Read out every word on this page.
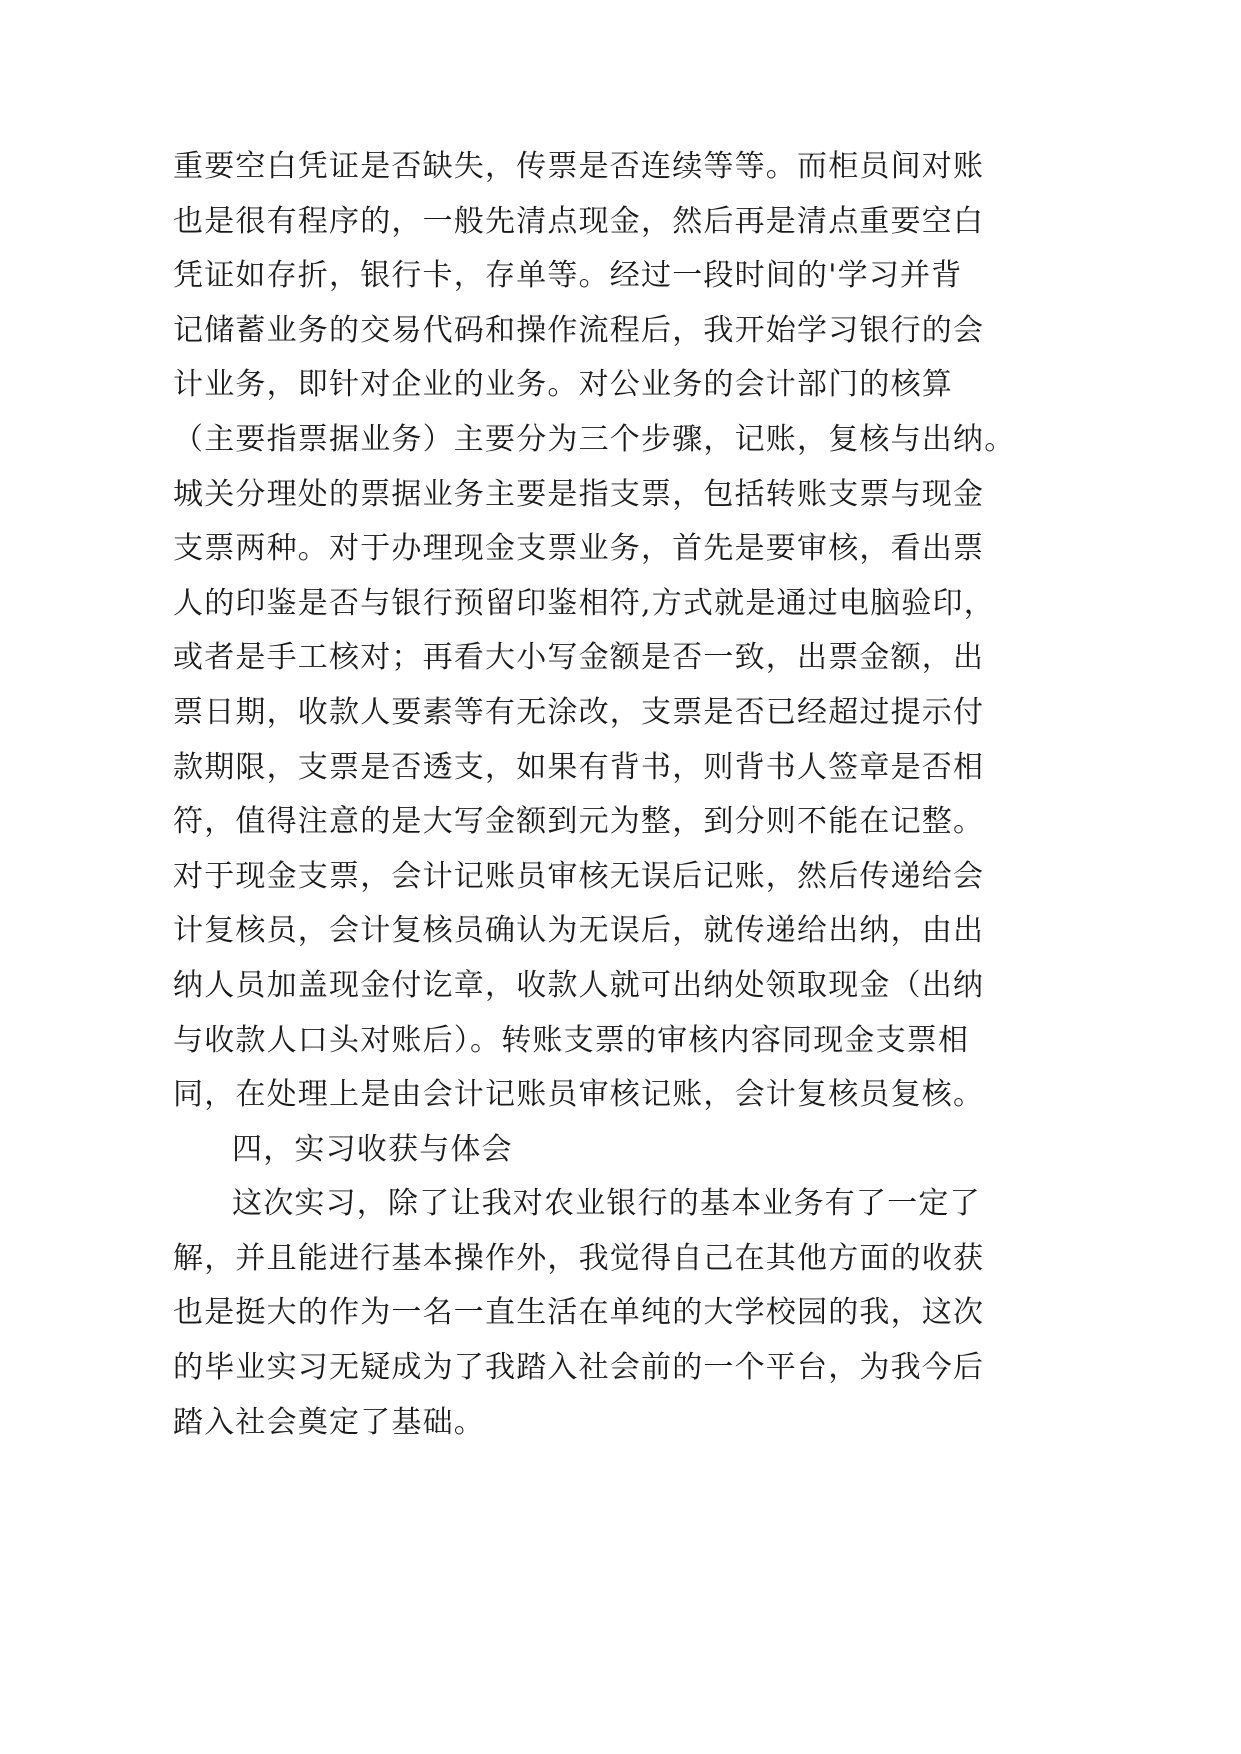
重要空白凭证是否缺失，传票是否连续等等。而柜员间对账
也是很有程序的，一般先清点现金，然后再是清点重要空白
凭证如存折，银行卡，存单等。经过一段时间的'学习并背
记储蓄业务的交易代码和操作流程后，我开始学习银行的会
计业务，即针对企业的业务。对公业务的会计部门的核算
（主要指票据业务）主要分为三个步骤，记账，复核与出纳。
城关分理处的票据业务主要是指支票，包括转账支票与现金
支票两种。对于办理现金支票业务，首先是要审核，看出票
人的印鉴是否与银行预留印鉴相符,方式就是通过电脑验印，
或者是手工核对；再看大小写金额是否一致，出票金额，出
票日期，收款人要素等有无涂改，支票是否已经超过提示付
款期限，支票是否透支，如果有背书，则背书人签章是否相
符，值得注意的是大写金额到元为整，到分则不能在记整。
对于现金支票，会计记账员审核无误后记账，然后传递给会
计复核员，会计复核员确认为无误后，就传递给出纳，由出
纳人员加盖现金付讫章，收款人就可出纳处领取现金（出纳
与收款人口头对账后）。转账支票的审核内容同现金支票相
同，在处理上是由会计记账员审核记账，会计复核员复核。
四，实习收获与体会
这次实习，除了让我对农业银行的基本业务有了一定了
解，并且能进行基本操作外，我觉得自己在其他方面的收获
也是挺大的作为一名一直生活在单纯的大学校园的我，这次
的毕业实习无疑成为了我踏入社会前的一个平台，为我今后
踏入社会奠定了基础。
